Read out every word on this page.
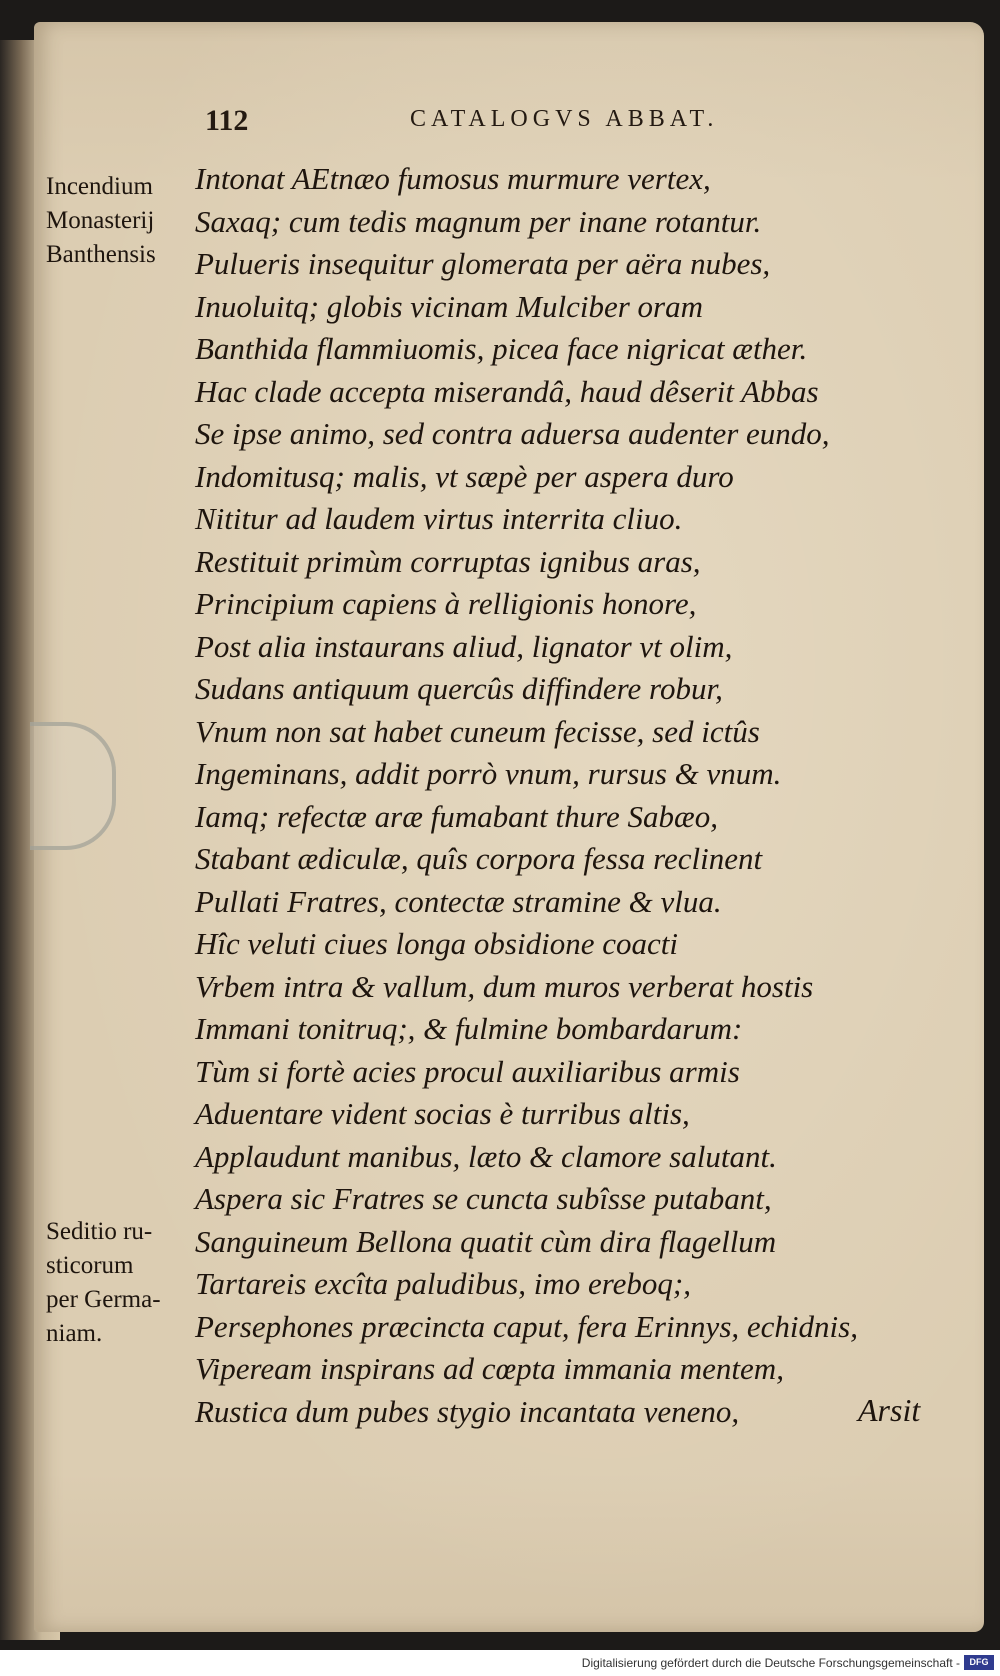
112	CATALOGVS ABBAT.
Incendium
Monasterij
Banthensis
Seditio ru-
sticorum
per Germa-
niam.
Intonat AEtnæo fumosus murmure vertex,
Saxaq; cum tedis magnum per inane rotantur.
Pulueris insequitur glomerata per aëra nubes,
Inuoluitq; globis vicinam Mulciber oram
Banthida flammiuomis, picea face nigricat æther.
Hac clade accepta miserandâ, haud dêserit Abbas
Se ipse animo, sed contra aduersa audenter eundo,
Indomitusq; malis, vt sæpè per aspera duro
Nititur ad laudem virtus interrita cliuo.
Restituit primùm corruptas ignibus aras,
Principium capiens à relligionis honore,
Post alia instaurans aliud, lignator vt olim,
Sudans antiquum quercûs diffindere robur,
Vnum non sat habet cuneum fecisse, sed ictûs
Ingeminans, addit porrò vnum, rursus & vnum.
Iamq; refectæ aræ fumabant thure Sabæo,
Stabant ædiculæ, quîs corpora fessa reclinent
Pullati Fratres, contectæ stramine & vlua.
Hîc veluti ciues longa obsidione coacti
Vrbem intra & vallum, dum muros verberat hostis
Immani tonitruq;, & fulmine bombardarum:
Tùm si fortè acies procul auxiliaribus armis
Aduentare vident socias è turribus altis,
Applaudunt manibus, læto & clamore salutant.
Aspera sic Fratres se cuncta subîsse putabant,
Sanguineum Bellona quatit cùm dira flagellum
Tartareis excîta paludibus, imo ereboq;,
Persephones præcincta caput, fera Erinnys, echidnis,
Vipeream inspirans ad cœpta immania mentem,
Rustica dum pubes stygio incantata veneno,	Arsit
Digitalisierung gefördert durch die Deutsche Forschungsgemeinschaft -	DFG
